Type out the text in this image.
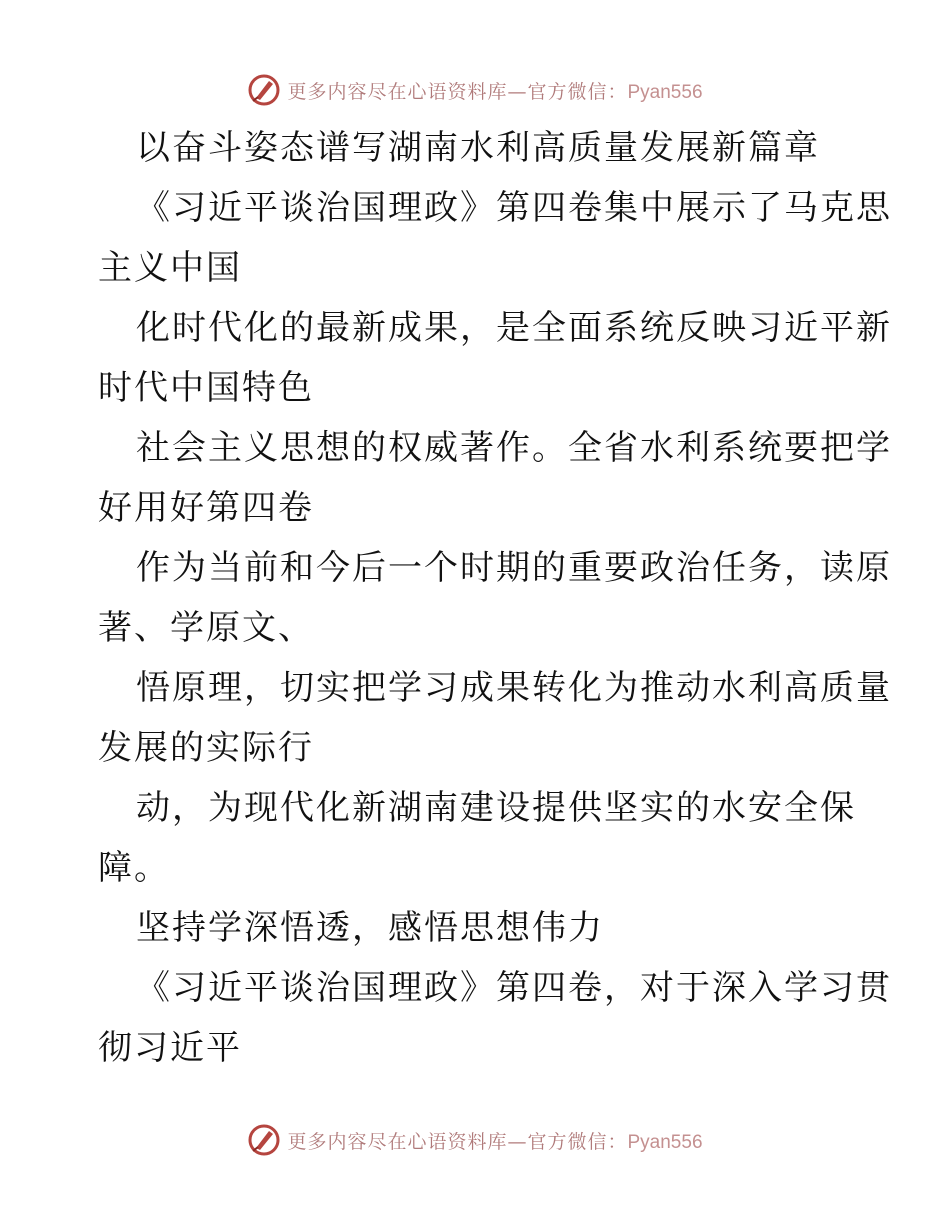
更多内容尽在心语资料库—官方微信：Pyan556
以奋斗姿态谱写湖南水利高质量发展新篇章
《习近平谈治国理政》第四卷集中展示了马克思
主义中国
化时代化的最新成果，是全面系统反映习近平新
时代中国特色
社会主义思想的权威著作。全省水利系统要把学
好用好第四卷
作为当前和今后一个时期的重要政治任务，读原
著、学原文、
悟原理，切实把学习成果转化为推动水利高质量
发展的实际行
动，为现代化新湖南建设提供坚实的水安全保
障。
坚持学深悟透，感悟思想伟力
《习近平谈治国理政》第四卷，对于深入学习贯
彻习近平
更多内容尽在心语资料库—官方微信：Pyan556
